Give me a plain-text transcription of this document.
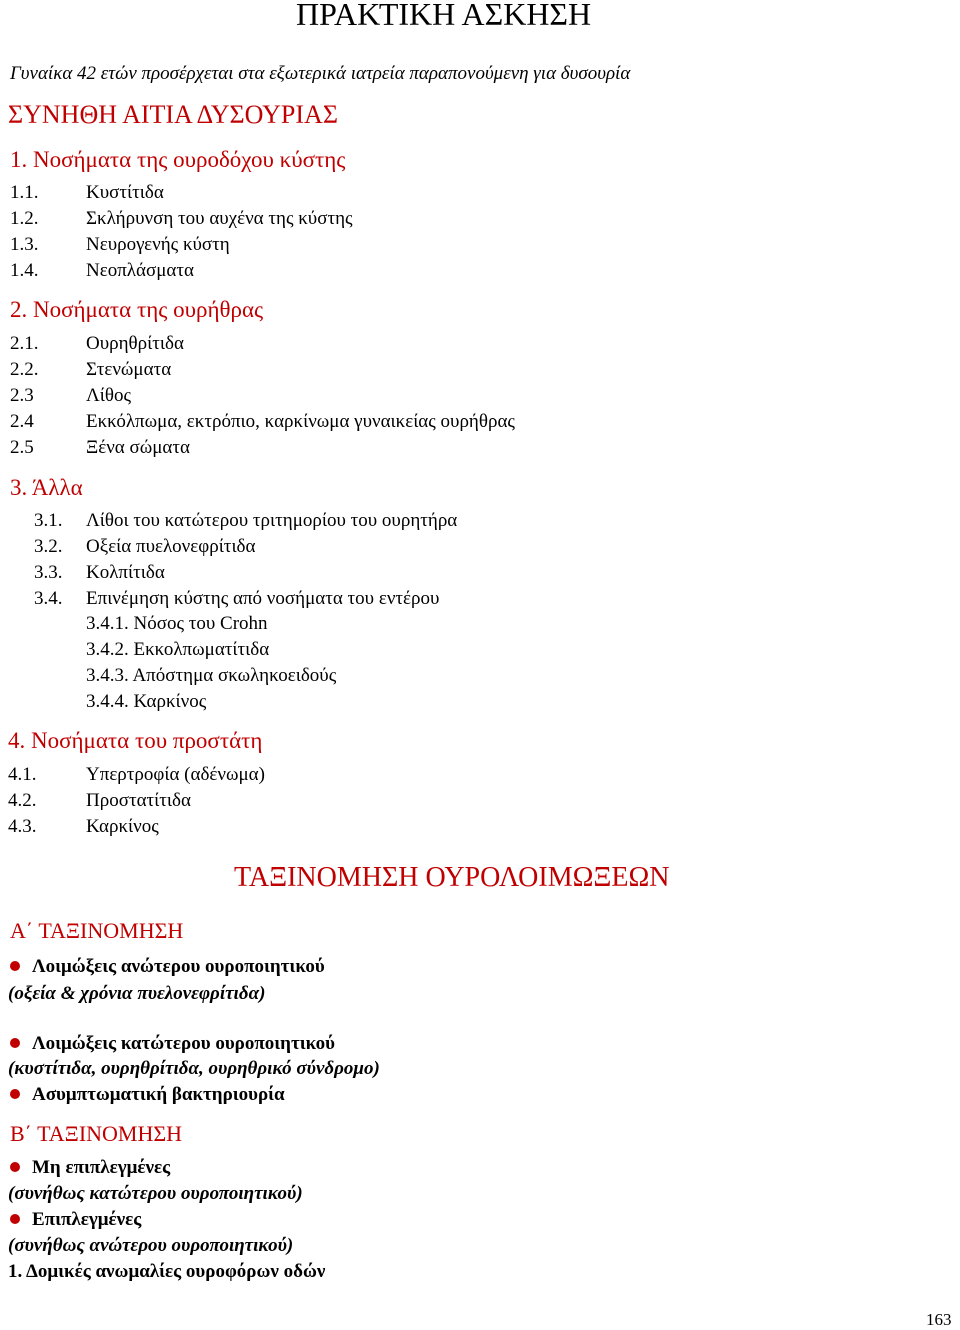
ΠΡΑΚΤΙΚΗ ΑΣΚΗΣΗ
Γυναίκα 42 ετών προσέρχεται στα εξωτερικά ιατρεία παραπονούμενη για δυσουρία
ΣΥΝΗΘΗ ΑΙΤΙΑ ΔΥΣΟΥΡΙΑΣ
1. Νοσήματα της ουροδόχου κύστης
1.1.	Κυστίτιδα
1.2.	Σκλήρυνση του αυχένα της κύστης
1.3.	Νευρογενής κύστη
1.4.	Νεοπλάσματα
2. Νοσήματα της ουρήθρας
2.1.	Ουρηθρίτιδα
2.2.	Στενώματα
2.3	Λίθος
2.4	Εκκόλπωμα, εκτρόπιο, καρκίνωμα γυναικείας ουρήθρας
2.5	Ξένα σώματα
3. Άλλα
3.1. Λίθοι του κατώτερου τριτημορίου του ουρητήρα
3.2. Οξεία πυελονεφρίτιδα
3.3. Κολπίτιδα
3.4. Επινέμηση κύστης από νοσήματα του εντέρου
3.4.1. Νόσος του Crohn
3.4.2. Εκκολπωματίτιδα
3.4.3. Απόστημα σκωληκοειδούς
3.4.4. Καρκίνος
4. Νοσήματα του προστάτη
4.1.	Υπερτροφία (αδένωμα)
4.2.	Προστατίτιδα
4.3.	Καρκίνος
ΤΑΞΙΝΟΜΗΣΗ ΟΥΡΟΛΟΙΜΩΞΕΩΝ
Α΄ ΤΑΞΙΝΟΜΗΣΗ
Λοιμώξεις ανώτερου ουροποιητικού
(οξεία & χρόνια πυελονεφρίτιδα)
Λοιμώξεις κατώτερου ουροποιητικού
(κυστίτιδα, ουρηθρίτιδα, ουρηθρικό σύνδρομο)
Ασυμπτωματική βακτηριουρία
Β΄ ΤΑΞΙΝΟΜΗΣΗ
Μη επιπλεγμένες
(συνήθως κατώτερου ουροποιητικού)
Επιπλεγμένες
(συνήθως ανώτερου ουροποιητικού)
1. Δομικές ανωμαλίες ουροφόρων οδών
163
